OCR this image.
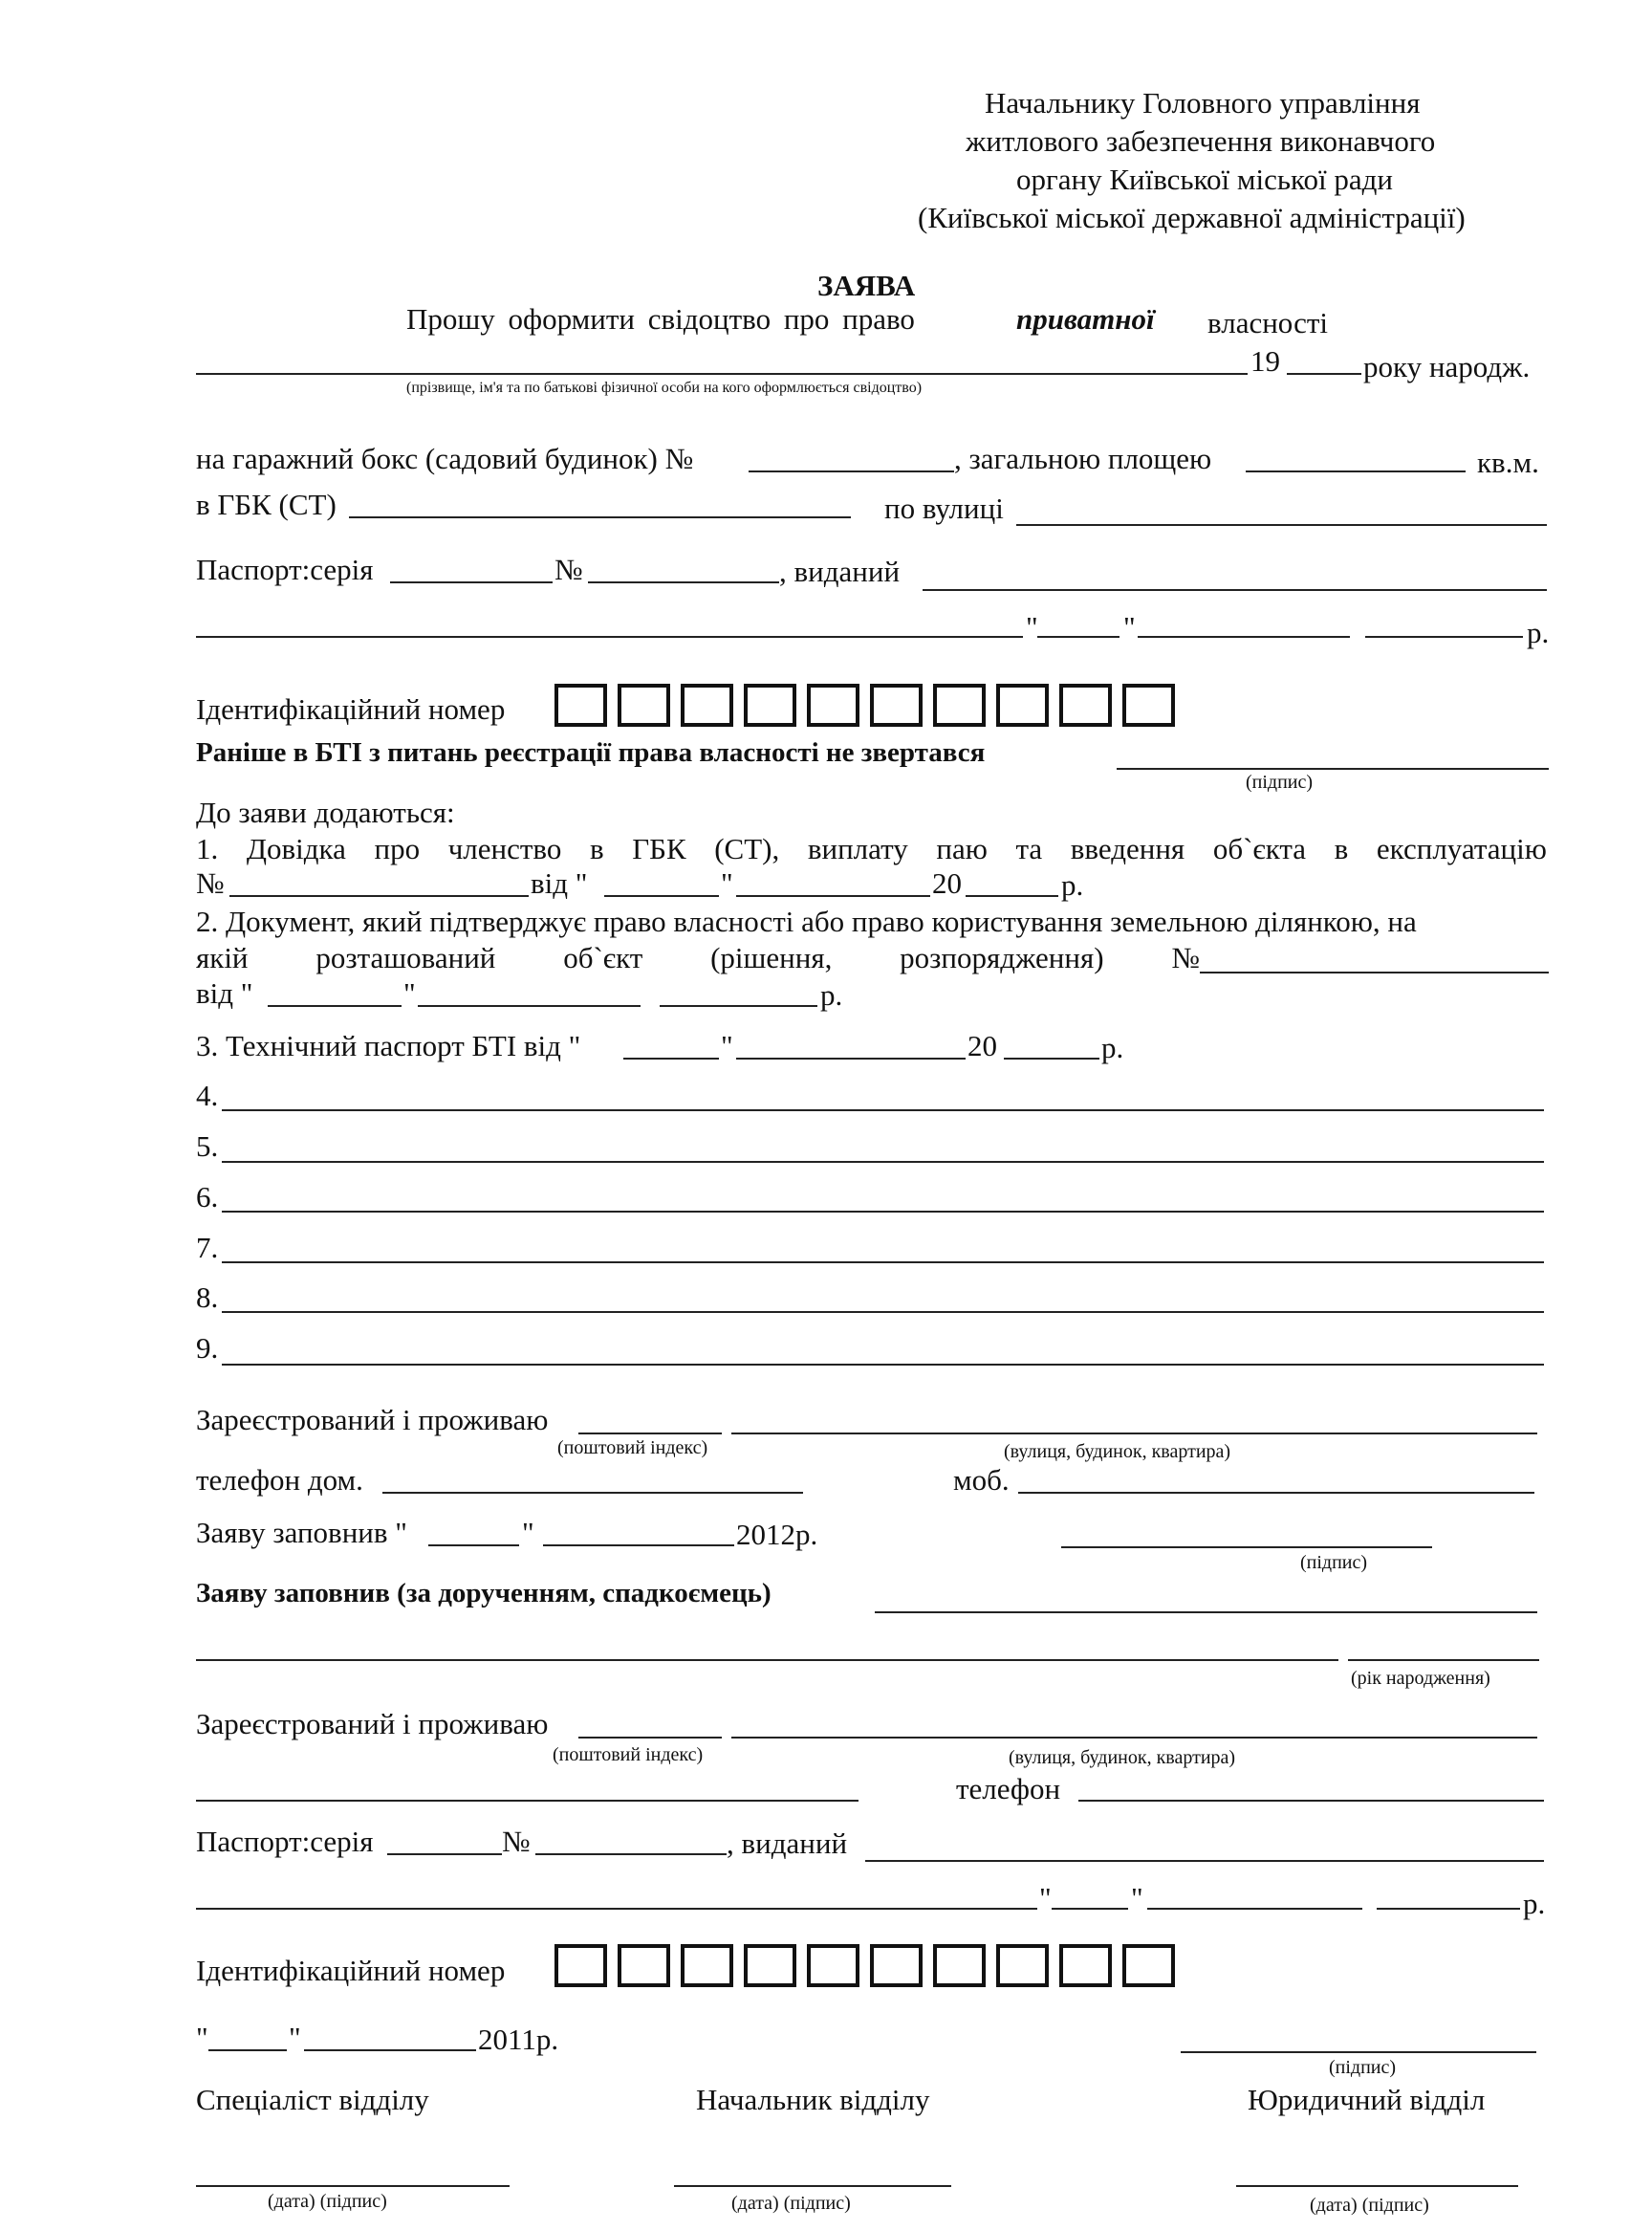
Начальнику Головного управління
житлового забезпечення виконавчого
органу Київської міської ради
(Київської міської державної адміністрації)
ЗАЯВА
Прошу оформити свідоцтво про право	приватної власності
19	року народж.
(прізвище, ім'я та по батькові фізичної особи на кого оформлюється свідоцтво)
на гаражний бокс (садовий будинок) №	, загальною площею	кв.м.
в ГБК (СТ)	по вулиці
Паспорт:серія	№	, виданий
"	"	р.
Ідентифікаційний номер
Раніше в БТІ з питань реєстрації права власності не звертався
(підпис)
До заяви додаються:
1. Довідка про членство в ГБК (СТ), виплату паю та введення об`єкта в експлуатацію
№	від "	"	20	р.
2. Документ, який підтверджує право власності або право користування земельною ділянкою, на
якій розташований об`єкт (рішення, розпорядження) №
від "	"	р.
3. Технічний паспорт БТІ від "	"	20	р.
4.
5.
6.
7.
8.
9.
Зареєстрований і проживаю
(поштовий індекс)	(вулиця, будинок, квартира)
телефон дом.	моб.
Заяву заповнив "	"	2012р.
(підпис)
Заяву заповнив (за дорученням, спадкоємець)
(рік народження)
Зареєстрований і проживаю
(поштовий індекс)	(вулиця, будинок, квартира)
телефон
Паспорт:серія	№	, виданий
"	"	р.
Ідентифікаційний номер
"	"	2011р.
(підпис)
Спеціаліст відділу	Начальник відділу	Юридичний відділ
(дата) (підпис)	(дата) (підпис)	(дата) (підпис)
